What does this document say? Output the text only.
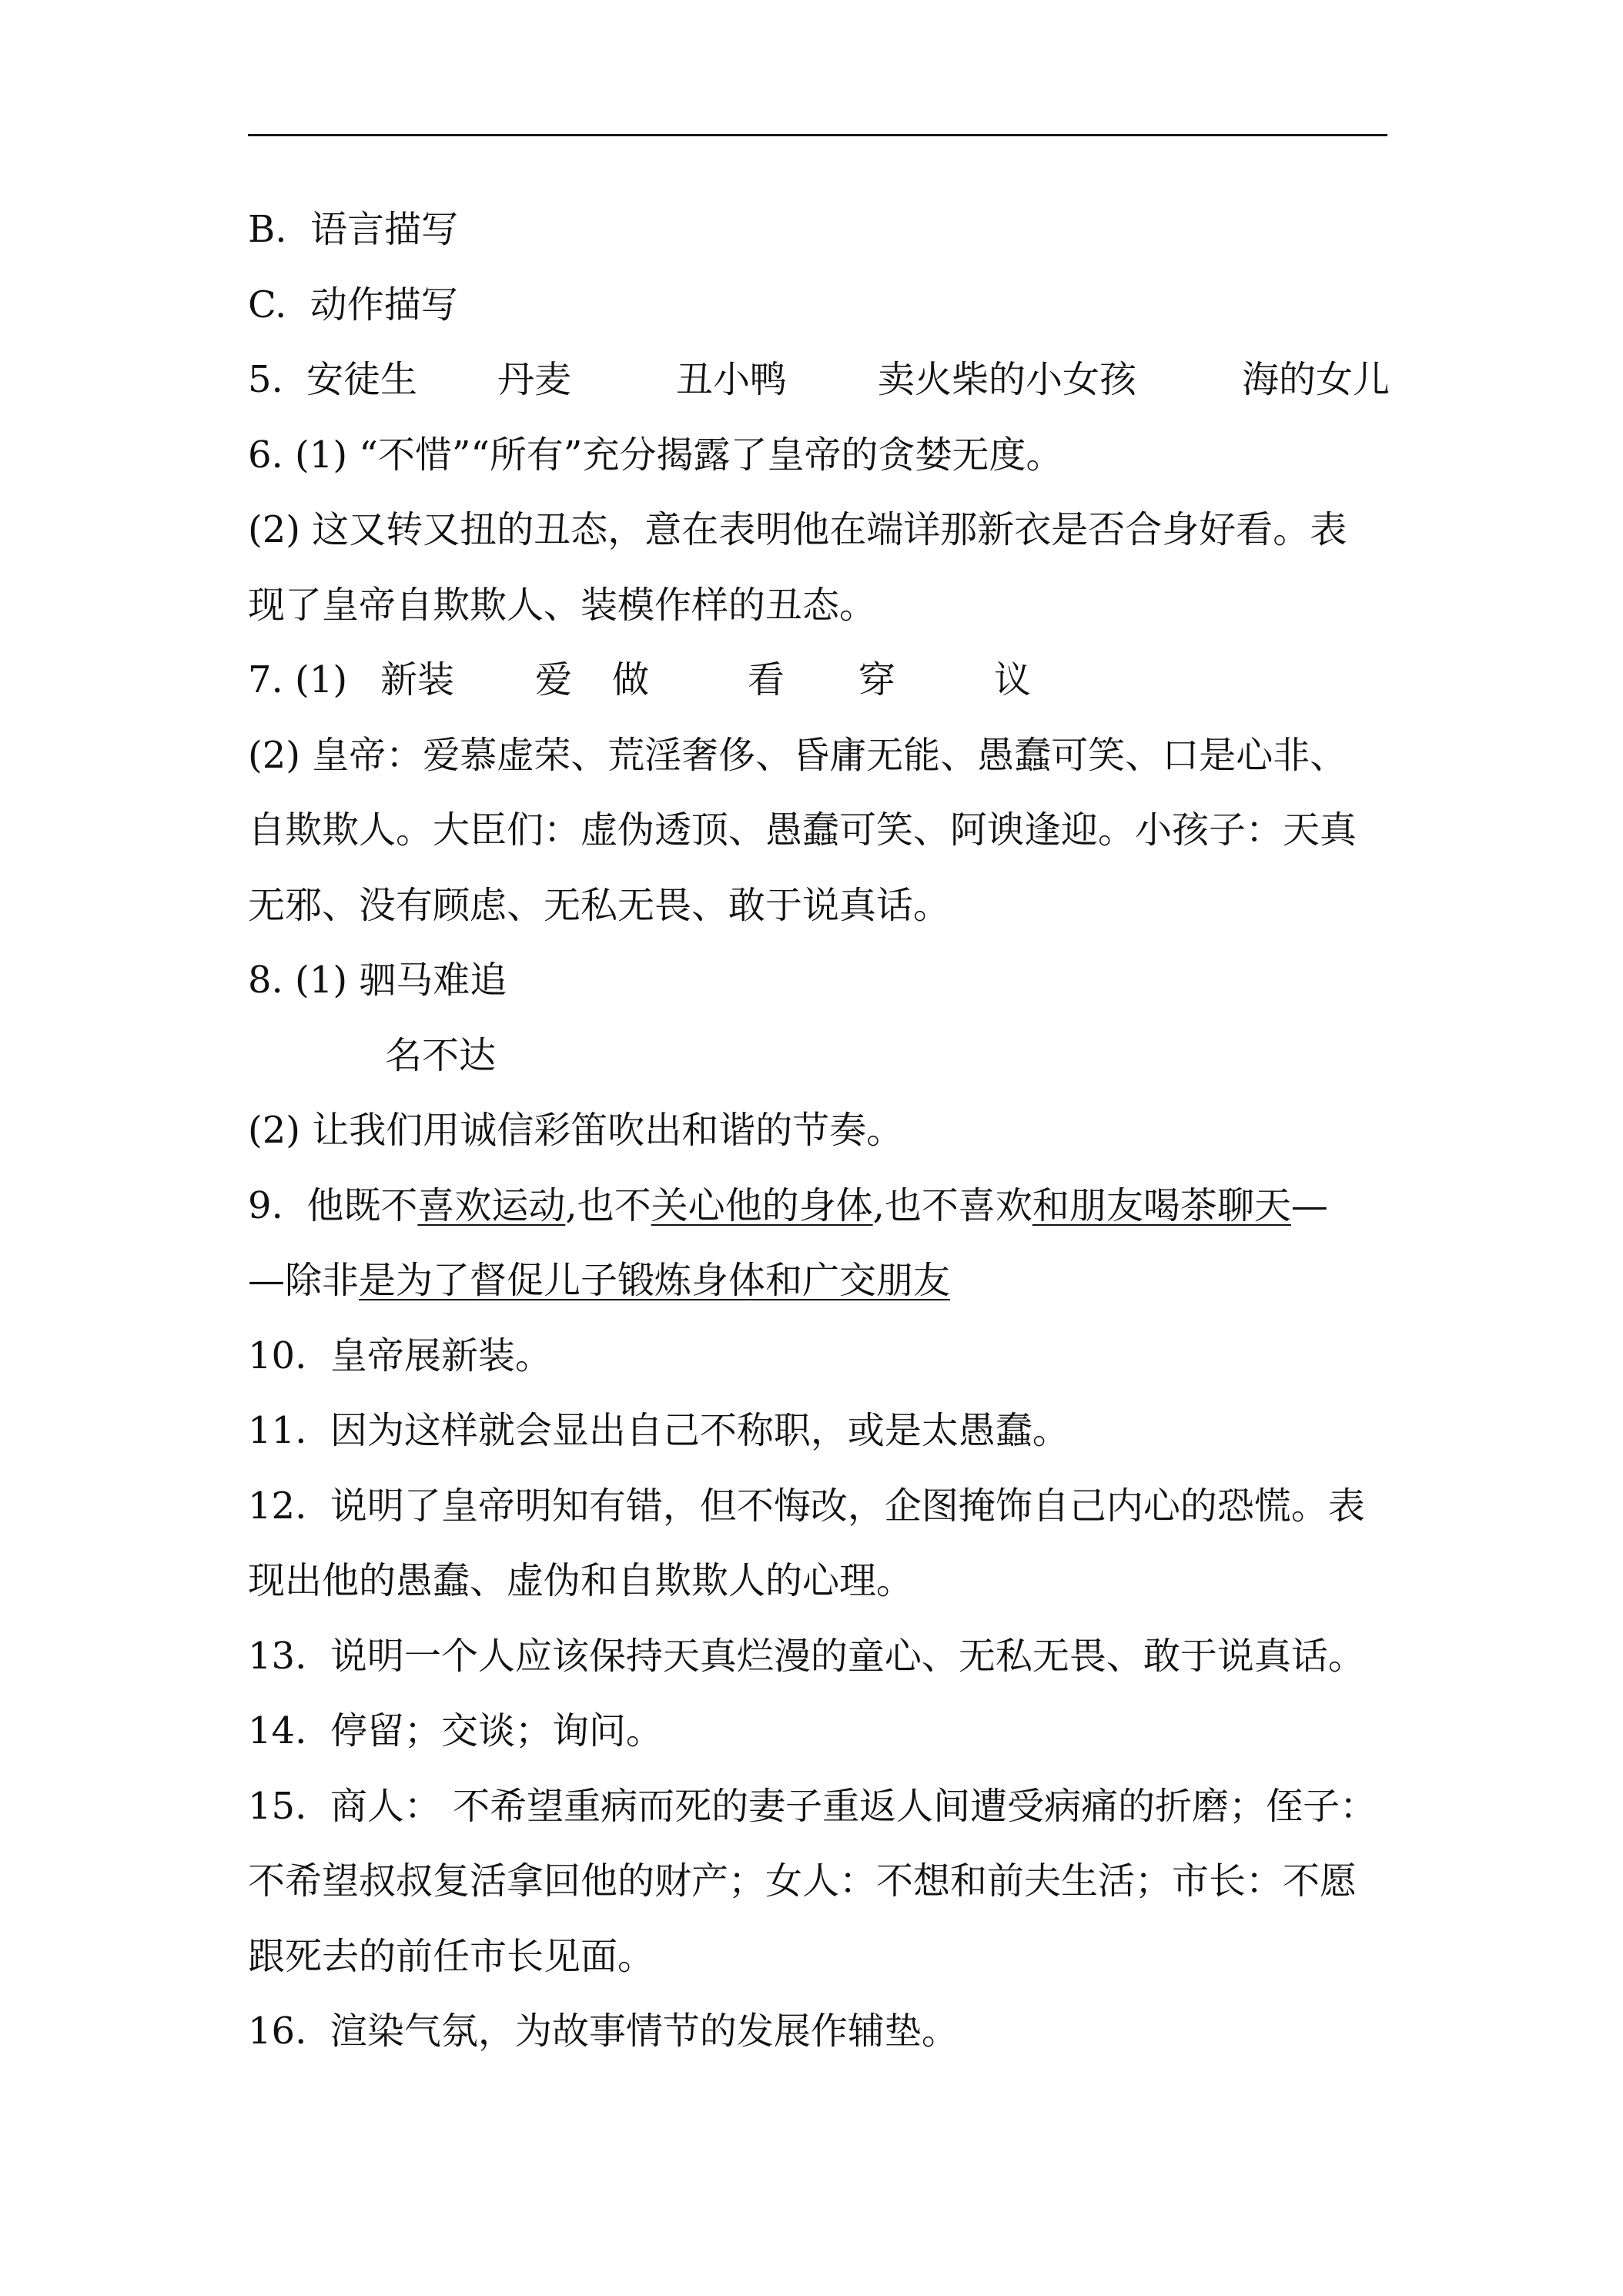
B.  语言描写
C.  动作描写
5. 安徒生 丹麦	丑小鸭 卖火柴的小女孩	海的女儿
6. (1) “不惜”“所有”充分揭露了皇帝的贪婪无度。
(2) 这又转又扭的丑态，意在表明他在端详那新衣是否合身好看。表
现了皇帝自欺欺人、装模作样的丑态。
7. (1) 新装 爱 做	看 穿	议
(2) 皇帝：爱慕虚荣、荒淫奢侈、昏庸无能、愚蠢可笑、口是心非、
自欺欺人。大臣们：虚伪透顶、愚蠢可笑、阿谀逢迎。小孩子：天真
无邪、没有顾虑、无私无畏、敢于说真话。
8. (1) 驷马难追
名不达
(2) 让我们用诚信彩笛吹出和谐的节奏。
9.  他既不喜欢运动,也不关心他的身体,也不喜欢和朋友喝茶聊天—
—除非是为了督促儿子锻炼身体和广交朋友
10.  皇帝展新装。
11.  因为这样就会显出自己不称职，或是太愚蠢。
12.  说明了皇帝明知有错，但不悔改，企图掩饰自己内心的恐慌。表
现出他的愚蠢、虚伪和自欺欺人的心理。
13.  说明一个人应该保持天真烂漫的童心、无私无畏、敢于说真话。
14.  停留；交谈；询问。
15.  商人： 不希望重病而死的妻子重返人间遭受病痛的折磨；侄子：
不希望叔叔复活拿回他的财产；女人：不想和前夫生活；市长：不愿
跟死去的前任市长见面。
16.  渲染气氛，为故事情节的发展作辅垫。
